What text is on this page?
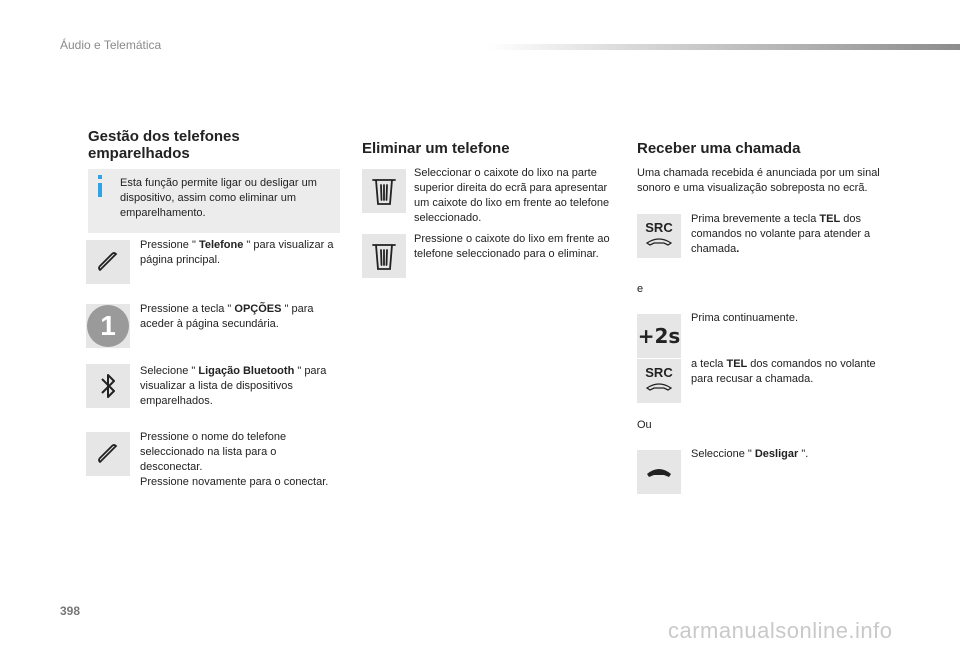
Áudio e Telemática
Gestão dos telefones emparelhados
Esta função permite ligar ou desligar um dispositivo, assim como eliminar um emparelhamento.
Pressione " Telefone " para visualizar a página principal.
1
Pressione a tecla " OPÇÕES " para aceder à página secundária.
Selecione " Ligação Bluetooth " para visualizar a lista de dispositivos emparelhados.
Pressione o nome do telefone seleccionado na lista para o desconectar.
Pressione novamente para o conectar.
Eliminar um telefone
Seleccionar o caixote do lixo na parte superior direita do ecrã para apresentar um caixote do lixo em frente ao telefone seleccionado.
Pressione o caixote do lixo em frente ao telefone seleccionado para o eliminar.
Receber uma chamada
Uma chamada recebida é anunciada por um sinal sonoro e uma visualização sobreposta no ecrã.
SRC
Prima brevemente a tecla TEL dos comandos no volante para atender a chamada.
e
+2s
Prima continuamente.
SRC
a tecla TEL dos comandos no volante para recusar a chamada.
Ou
Seleccione " Desligar ".
398
carmanualsonline.info
